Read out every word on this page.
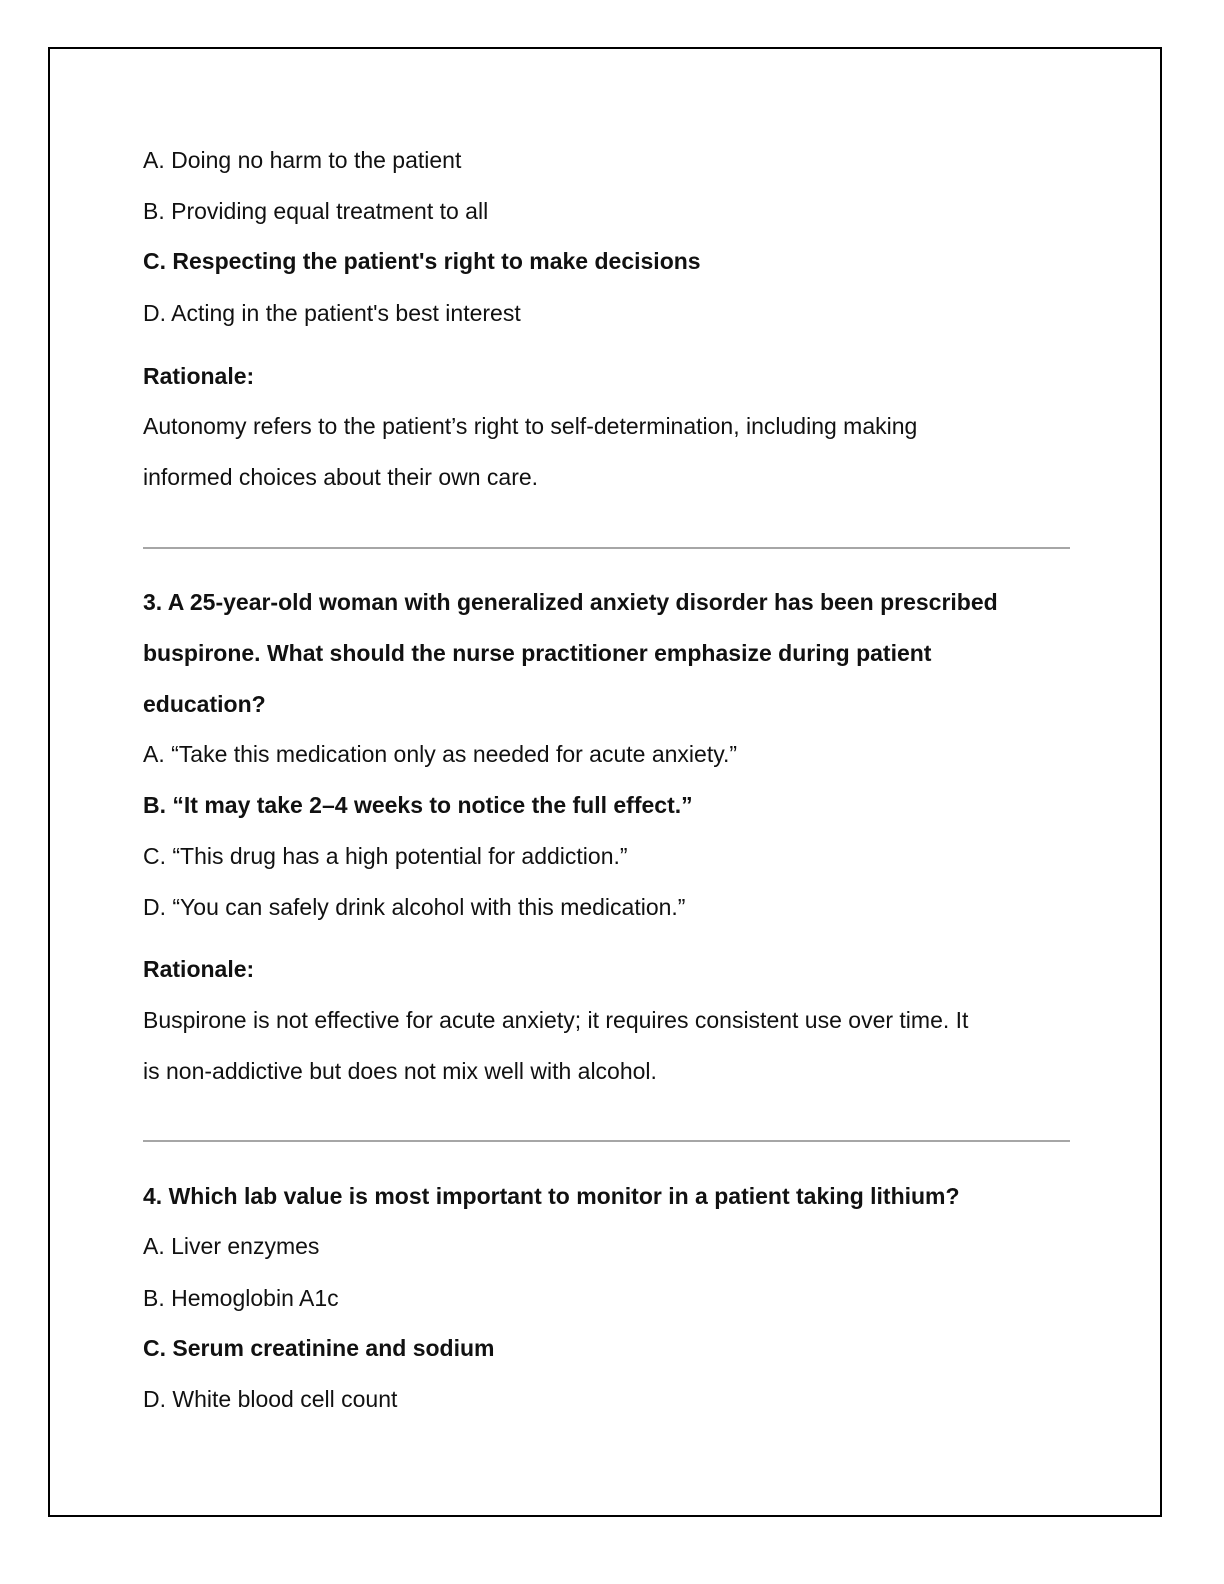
A. Doing no harm to the patient
B. Providing equal treatment to all
C. Respecting the patient's right to make decisions
D. Acting in the patient's best interest
Rationale:
Autonomy refers to the patient’s right to self-determination, including making
informed choices about their own care.
3. A 25-year-old woman with generalized anxiety disorder has been prescribed
buspirone. What should the nurse practitioner emphasize during patient
education?
A. “Take this medication only as needed for acute anxiety.”
B. “It may take 2–4 weeks to notice the full effect.”
C. “This drug has a high potential for addiction.”
D. “You can safely drink alcohol with this medication.”
Rationale:
Buspirone is not effective for acute anxiety; it requires consistent use over time. It
is non-addictive but does not mix well with alcohol.
4. Which lab value is most important to monitor in a patient taking lithium?
A. Liver enzymes
B. Hemoglobin A1c
C. Serum creatinine and sodium
D. White blood cell count
